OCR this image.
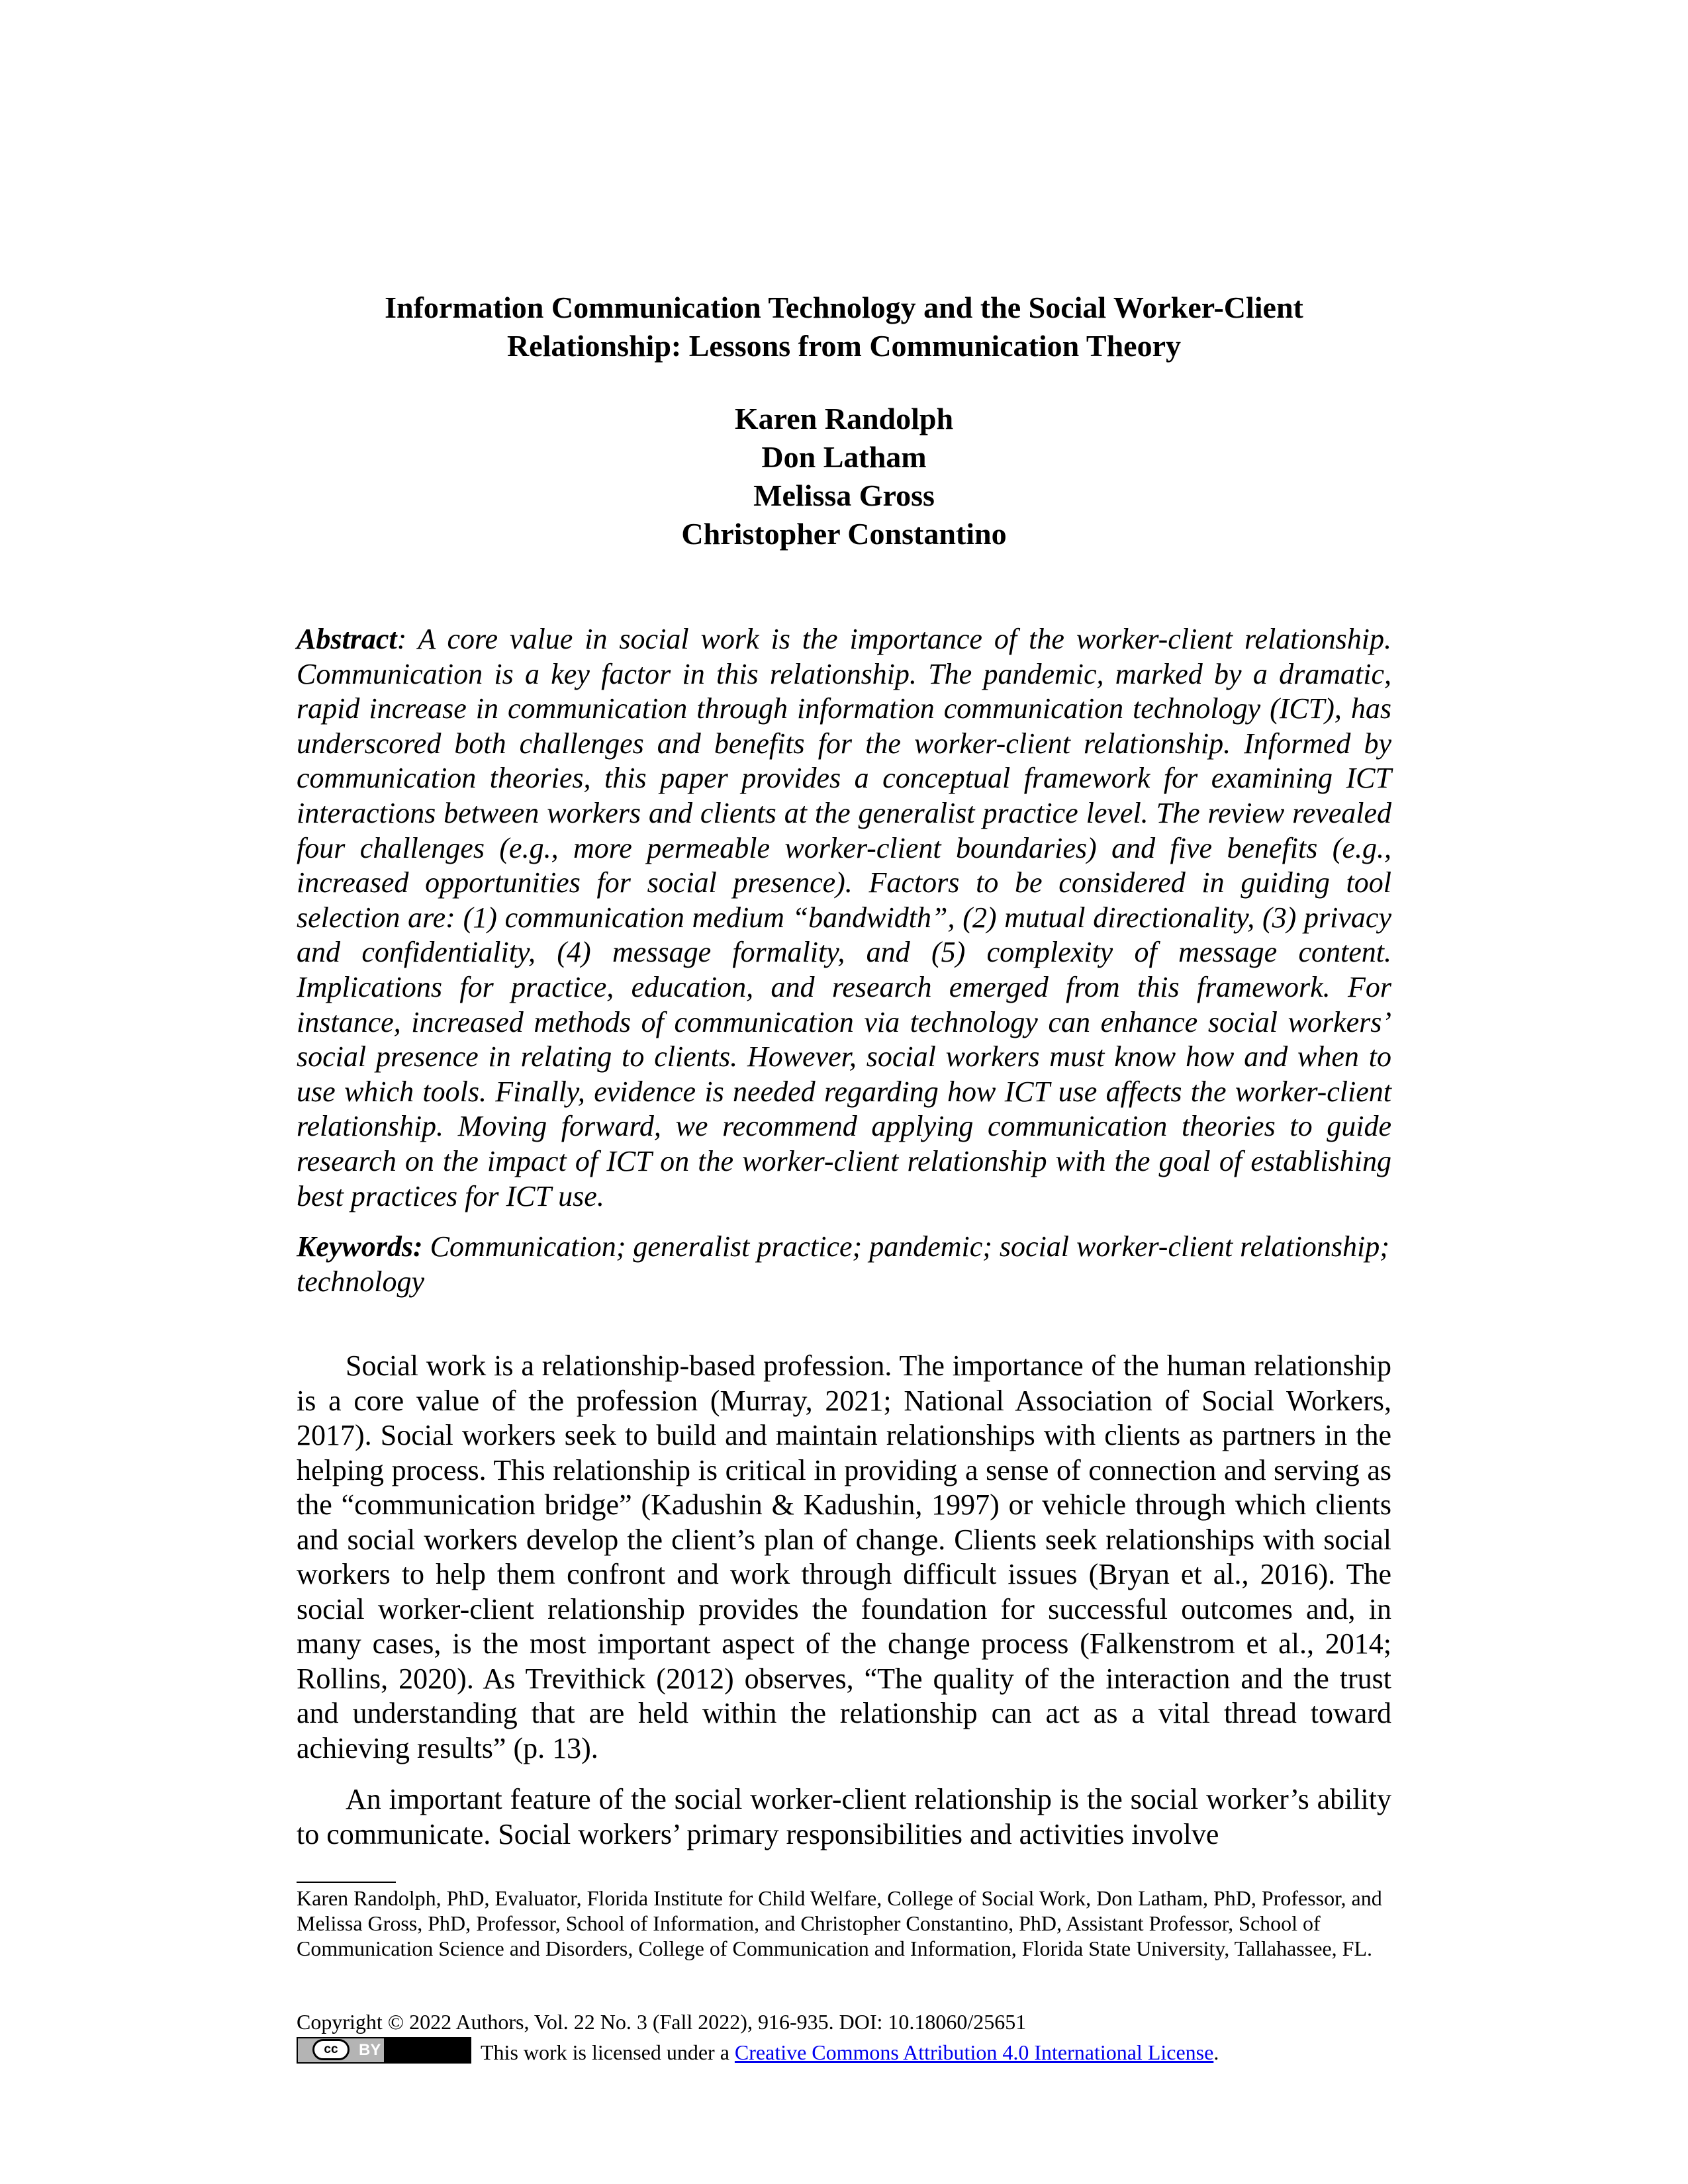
Information Communication Technology and the Social Worker-Client
Relationship: Lessons from Communication Theory
Karen Randolph
Don Latham
Melissa Gross
Christopher Constantino

Abstract: A core value in social work is the importance of the worker-client relationship. Communication is a key factor in this relationship. The pandemic, marked by a dramatic, rapid increase in communication through information communication technology (ICT), has underscored both challenges and benefits for the worker-client relationship. Informed by communication theories, this paper provides a conceptual framework for examining ICT interactions between workers and clients at the generalist practice level. The review revealed four challenges (e.g., more permeable worker-client boundaries) and five benefits (e.g., increased opportunities for social presence). Factors to be considered in guiding tool selection are: (1) communication medium “bandwidth”, (2) mutual directionality, (3) privacy and confidentiality, (4) message formality, and (5) complexity of message content. Implications for practice, education, and research emerged from this framework. For instance, increased methods of communication via technology can enhance social workers’ social presence in relating to clients. However, social workers must know how and when to use which tools. Finally, evidence is needed regarding how ICT use affects the worker-client relationship. Moving forward, we recommend applying communication theories to guide research on the impact of ICT on the worker-client relationship with the goal of establishing best practices for ICT use.

Keywords: Communication; generalist practice; pandemic; social worker-client relationship; technology

Social work is a relationship-based profession. The importance of the human relationship is a core value of the profession (Murray, 2021; National Association of Social Workers, 2017). Social workers seek to build and maintain relationships with clients as partners in the helping process. This relationship is critical in providing a sense of connection and serving as the “communication bridge” (Kadushin & Kadushin, 1997) or vehicle through which clients and social workers develop the client’s plan of change. Clients seek relationships with social workers to help them confront and work through difficult issues (Bryan et al., 2016). The social worker-client relationship provides the foundation for successful outcomes and, in many cases, is the most important aspect of the change process (Falkenstrom et al., 2014; Rollins, 2020). As Trevithick (2012) observes, “The quality of the interaction and the trust and understanding that are held within the relationship can act as a vital thread toward achieving results” (p. 13).

An important feature of the social worker-client relationship is the social worker’s ability to communicate. Social workers’ primary responsibilities and activities involve

Karen Randolph, PhD, Evaluator, Florida Institute for Child Welfare, College of Social Work, Don Latham, PhD, Professor, and Melissa Gross, PhD, Professor, School of Information, and Christopher Constantino, PhD, Assistant Professor, School of Communication Science and Disorders, College of Communication and Information, Florida State University, Tallahassee, FL.

Copyright © 2022 Authors, Vol. 22 No. 3 (Fall 2022), 916-935. DOI: 10.18060/25651

cc	BY	This work is licensed under a Creative Commons Attribution 4.0 International License.
